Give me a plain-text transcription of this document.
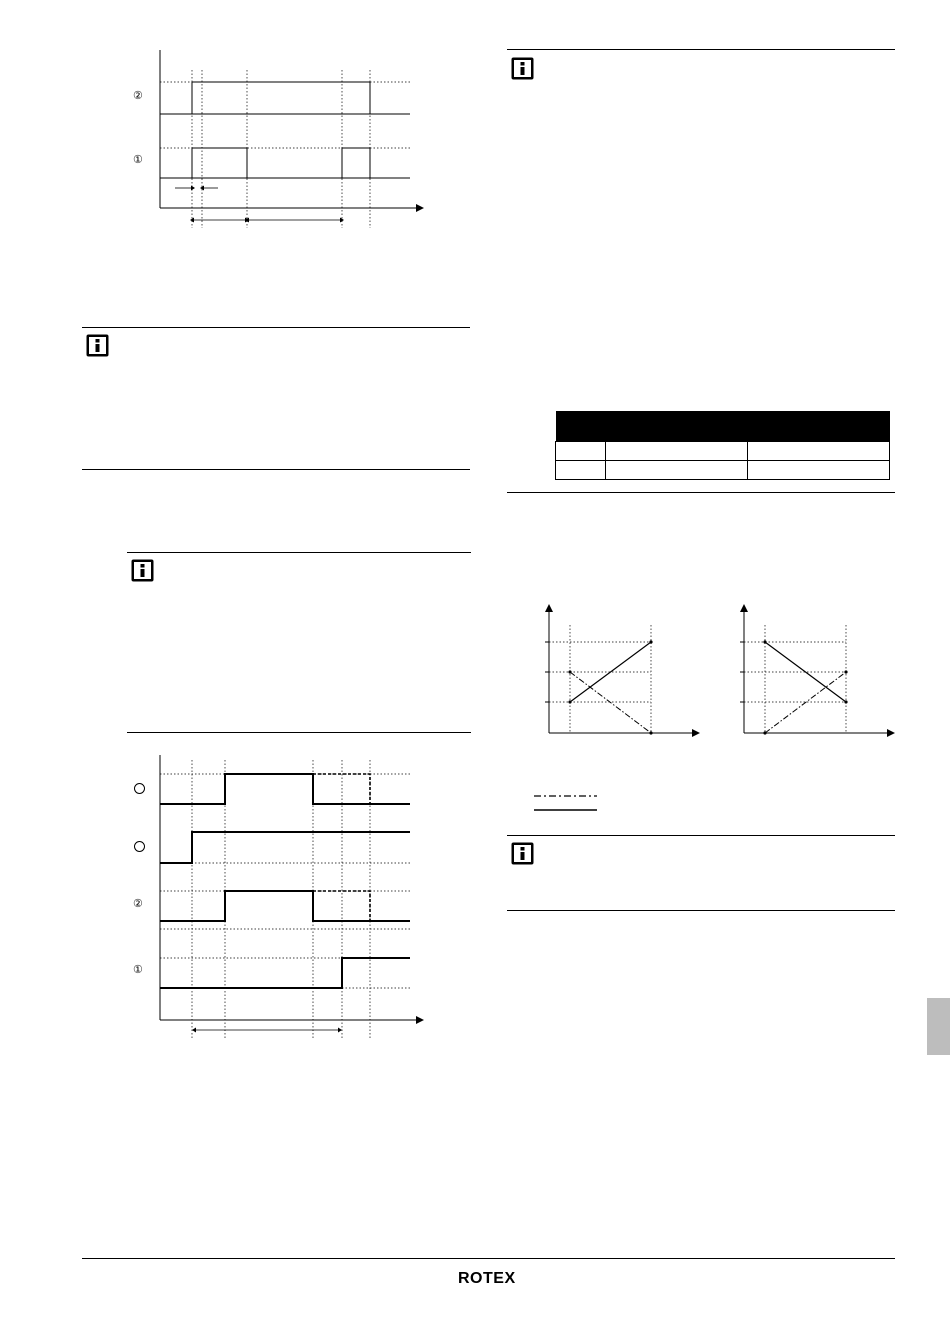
②
①
②
①

ROTEX
